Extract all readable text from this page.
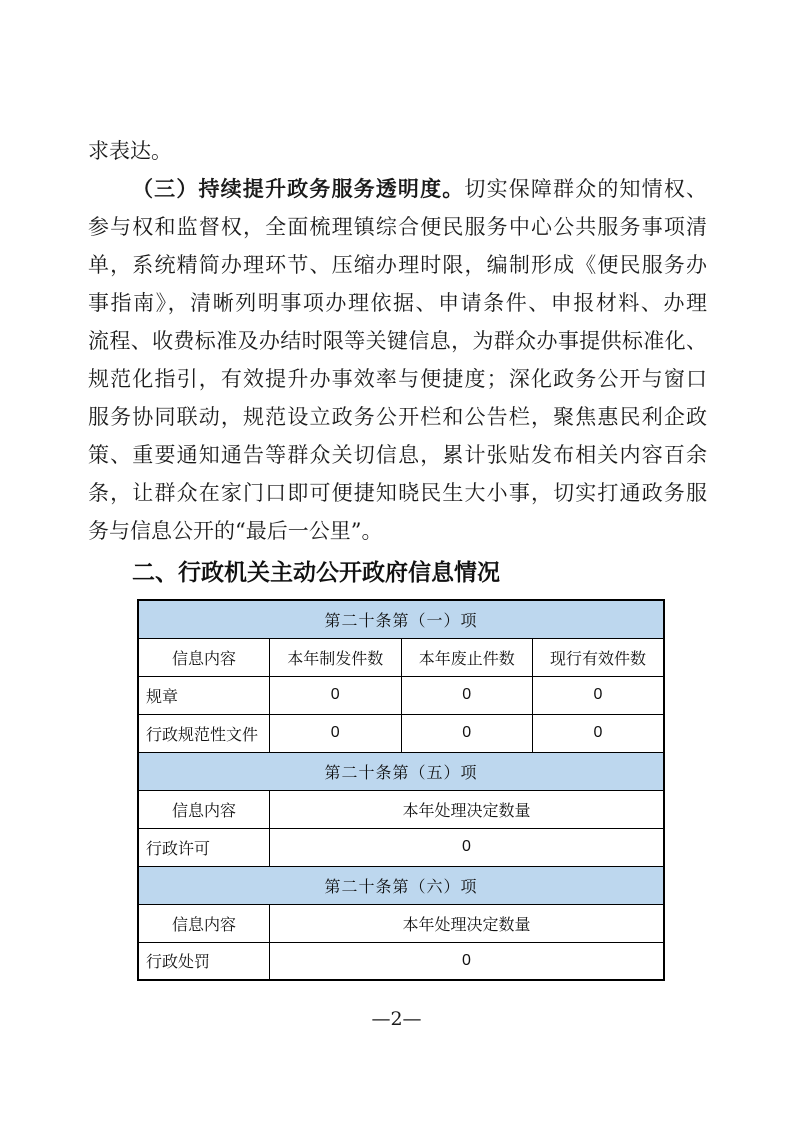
求表达。
（三）持续提升政务服务透明度。切实保障群众的知情权、
参与权和监督权，全面梳理镇综合便民服务中心公共服务事项清
单，系统精简办理环节、压缩办理时限，编制形成《便民服务办
事指南》，清晰列明事项办理依据、申请条件、申报材料、办理
流程、收费标准及办结时限等关键信息，为群众办事提供标准化、
规范化指引，有效提升办事效率与便捷度；深化政务公开与窗口
服务协同联动，规范设立政务公开栏和公告栏，聚焦惠民利企政
策、重要通知通告等群众关切信息，累计张贴发布相关内容百余
条，让群众在家门口即可便捷知晓民生大小事，切实打通政务服
务与信息公开的“最后一公里”。
二、行政机关主动公开政府信息情况
第二十条第（一）项			
信息内容	本年制发件数	本年废止件数	现行有效件数
规章	0	0	0
行政规范性文件	0	0	0
第二十条第（五）项			
信息内容	本年处理决定数量		
行政许可	0		
第二十条第（六）项			
信息内容	本年处理决定数量		
行政处罚	0		
—2—
